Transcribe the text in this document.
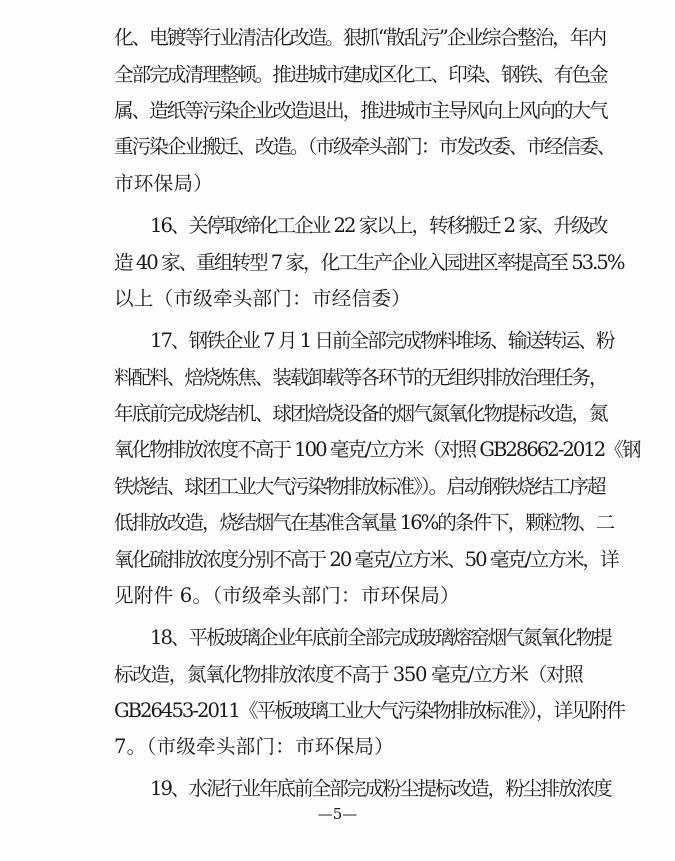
化、电镀等行业清洁化改造。狠抓“散乱污”企业综合整治，年内
全部完成清理整顿。推进城市建成区化工、印染、钢铁、有色金
属、造纸等污染企业改造退出，推进城市主导风向上风向的大气
重污染企业搬迁、改造。（市级牵头部门：市发改委、市经信委、
市环保局）
16、关停取缔化工企业 22 家以上，转移搬迁 2 家、升级改
造 40 家、重组转型 7 家，化工生产企业入园进区率提高至 53.5%
以上（市级牵头部门：市经信委）
17、钢铁企业 7 月 1 日前全部完成物料堆场、输送转运、粉
料配料、焙烧炼焦、装载卸载等各环节的无组织排放治理任务，
年底前完成烧结机、球团焙烧设备的烟气氮氧化物提标改造，氮
氧化物排放浓度不高于 100 毫克/立方米（对照 GB28662-2012《钢
铁烧结、球团工业大气污染物排放标准》）。启动钢铁烧结工序超
低排放改造，烧结烟气在基准含氧量 16%的条件下，颗粒物、二
氧化硫排放浓度分别不高于 20 毫克/立方米、50 毫克/立方米，详
见附件 6。（市级牵头部门：市环保局）
18、平板玻璃企业年底前全部完成玻璃熔窑烟气氮氧化物提
标改造，氮氧化物排放浓度不高于 350 毫克/立方米（对照
GB26453-2011《平板玻璃工业大气污染物排放标准》），详见附件
7。（市级牵头部门：市环保局）
19、水泥行业年底前全部完成粉尘提标改造，粉尘排放浓度
—5—
